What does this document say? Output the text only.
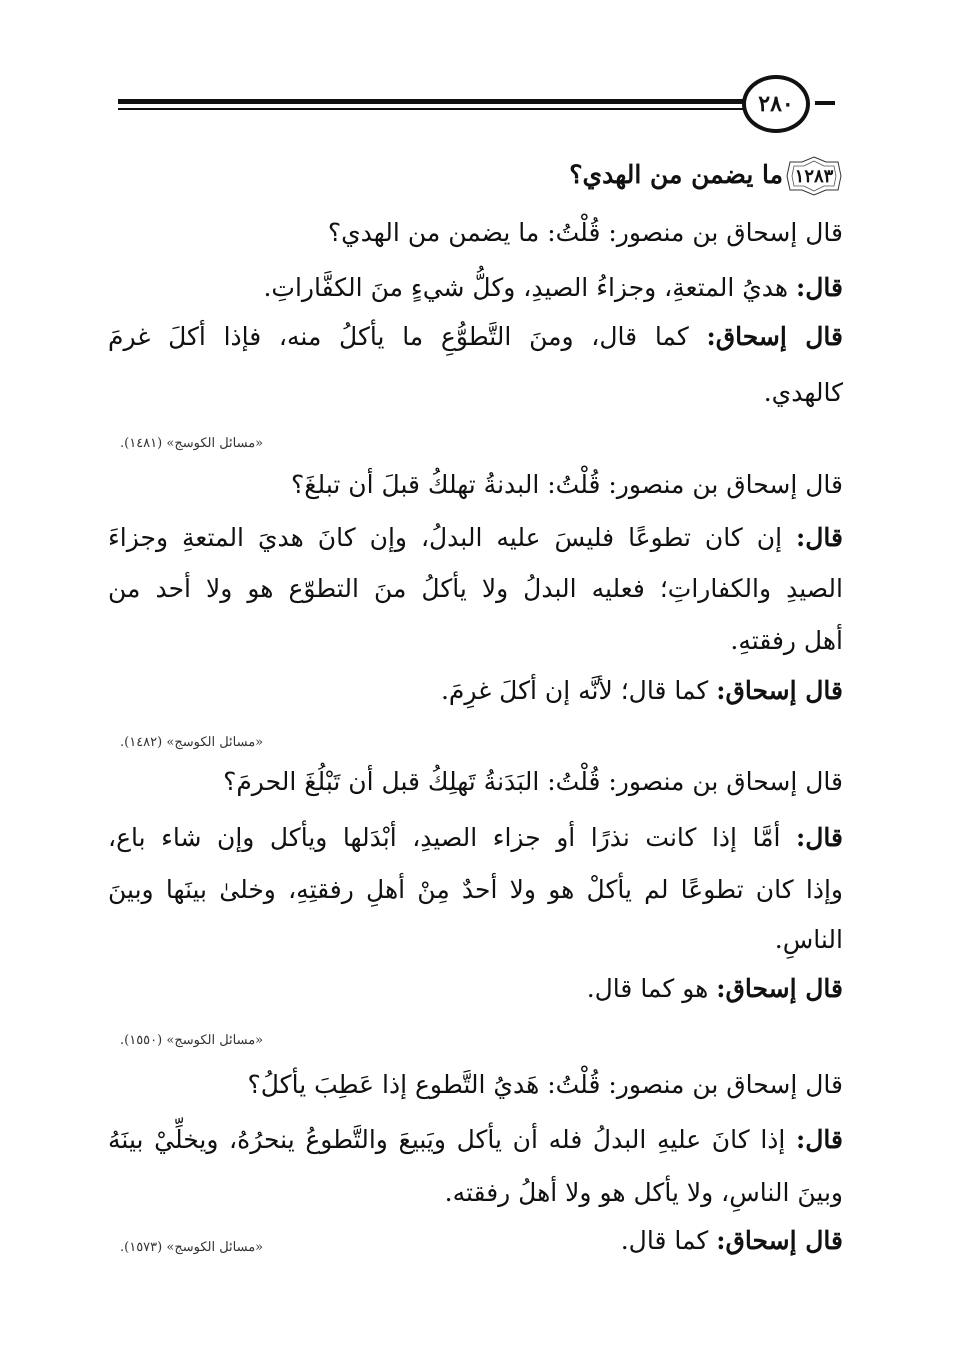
٢٨٠
١٢٨٣
ما يضمن من الهدي؟
قال إسحاق بن منصور: قُلْتُ: ما يضمن من الهدي؟
قال: هديُ المتعةِ، وجزاءُ الصيدِ، وكلُّ شيءٍ منَ الكفَّاراتِ.
قال إسحاق: كما قال، ومنَ التَّطوُّعِ ما يأكلُ منه، فإذا أكلَ غرمَ
كالهدي.
«مسائل الكوسج» (١٤٨١).
قال إسحاق بن منصور: قُلْتُ: البدنةُ تهلكُ قبلَ أن تبلغَ؟
قال: إن كان تطوعًا فليسَ عليه البدلُ، وإن كانَ هديَ المتعةِ وجزاءَ
الصيدِ والكفاراتِ؛ فعليه البدلُ ولا يأكلُ منَ التطوّع هو ولا أحد من
أهل رفقتهِ.
قال إسحاق: كما قال؛ لأنَّه إن أكلَ غرِمَ.
«مسائل الكوسج» (١٤٨٢).
قال إسحاق بن منصور: قُلْتُ: البَدَنةُ تَهلِكُ قبل أن تَبْلُغَ الحرمَ؟
قال: أمَّا إذا كانت نذرًا أو جزاء الصيدِ، أبْدَلها ويأكل وإن شاء باع،
وإذا كان تطوعًا لم يأكلْ هو ولا أحدٌ مِنْ أهلِ رفقتِهِ، وخلىٰ بينَها وبينَ
الناسِ.
قال إسحاق: هو كما قال.
«مسائل الكوسج» (١٥٥٠).
قال إسحاق بن منصور: قُلْتُ: هَديُ التَّطوع إذا عَطِبَ يأكلُ؟
قال: إذا كانَ عليهِ البدلُ فله أن يأكل ويَبيعَ والتَّطوعُ ينحرُهُ، ويخلِّيْ بينَهُ
وبينَ الناسِ، ولا يأكل هو ولا أهلُ رفقته.
قال إسحاق: كما قال.
«مسائل الكوسج» (١٥٧٣).
